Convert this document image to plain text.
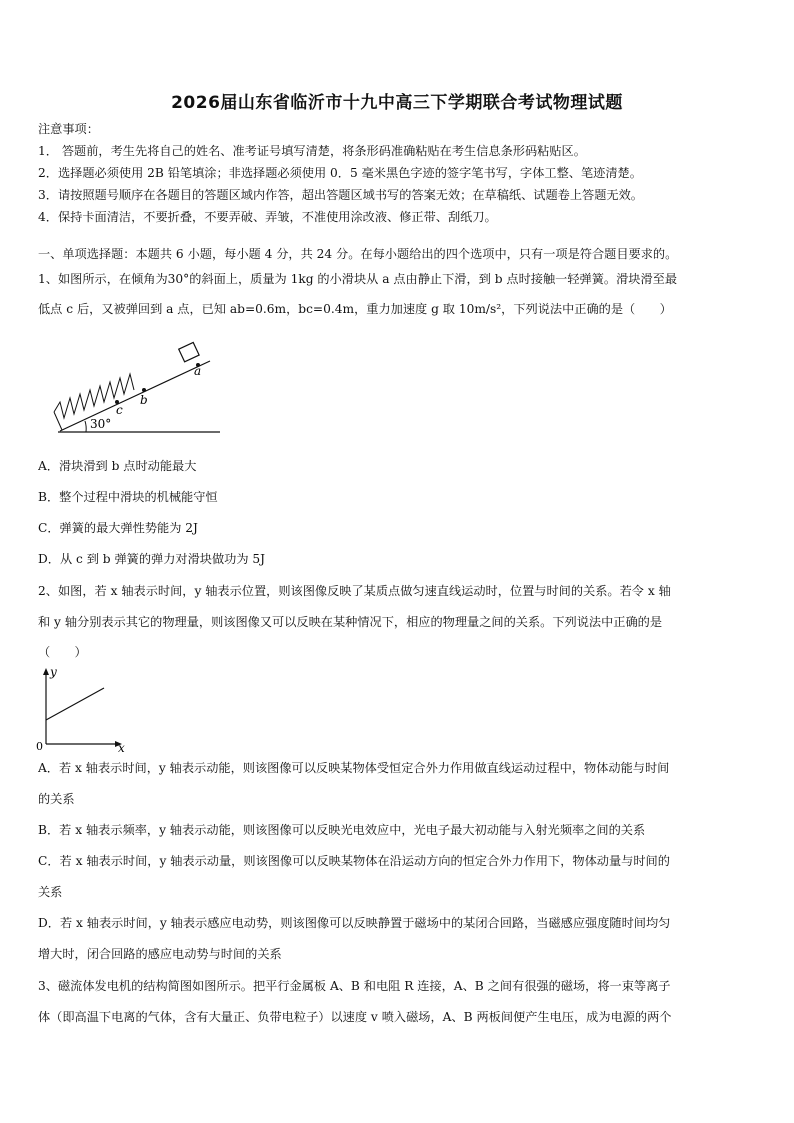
2026届山东省临沂市十九中高三下学期联合考试物理试题
注意事项：
1． 答题前，考生先将自己的姓名、准考证号填写清楚，将条形码准确粘贴在考生信息条形码粘贴区。
2．选择题必须使用 2B 铅笔填涂；非选择题必须使用 0．5 毫米黑色字迹的签字笔书写，字体工整、笔迹清楚。
3．请按照题号顺序在各题目的答题区域内作答，超出答题区域书写的答案无效；在草稿纸、试题卷上答题无效。
4．保持卡面清洁，不要折叠，不要弄破、弄皱，不准使用涂改液、修正带、刮纸刀。
一、单项选择题：本题共 6 小题，每小题 4 分，共 24 分。在每小题给出的四个选项中，只有一项是符合题目要求的。
1、如图所示，在倾角为30°的斜面上，质量为 1kg 的小滑块从 a 点由静止下滑，到 b 点时接触一轻弹簧。滑块滑至最
低点 c 后，又被弹回到 a 点，已知 ab=0.6m，bc=0.4m，重力加速度 g 取 10m/s²，下列说法中正确的是（　　）
c
b
a
30°
A．滑块滑到 b 点时动能最大
B．整个过程中滑块的机械能守恒
C．弹簧的最大弹性势能为 2J
D．从 c 到 b 弹簧的弹力对滑块做功为 5J
2、如图，若 x 轴表示时间，y 轴表示位置，则该图像反映了某质点做匀速直线运动时，位置与时间的关系。若令 x 轴
和 y 轴分别表示其它的物理量，则该图像又可以反映在某种情况下，相应的物理量之间的关系。下列说法中正确的是
（　　）
y
x
0
A．若 x 轴表示时间，y 轴表示动能，则该图像可以反映某物体受恒定合外力作用做直线运动过程中，物体动能与时间
的关系
B．若 x 轴表示频率，y 轴表示动能，则该图像可以反映光电效应中，光电子最大初动能与入射光频率之间的关系
C．若 x 轴表示时间，y 轴表示动量，则该图像可以反映某物体在沿运动方向的恒定合外力作用下，物体动量与时间的
关系
D．若 x 轴表示时间，y 轴表示感应电动势，则该图像可以反映静置于磁场中的某闭合回路，当磁感应强度随时间均匀
增大时，闭合回路的感应电动势与时间的关系
3、磁流体发电机的结构简图如图所示。把平行金属板 A、B 和电阻 R 连接，A、B 之间有很强的磁场，将一束等离子
体（即高温下电离的气体，含有大量正、负带电粒子）以速度 v 喷入磁场，A、B 两板间便产生电压，成为电源的两个
